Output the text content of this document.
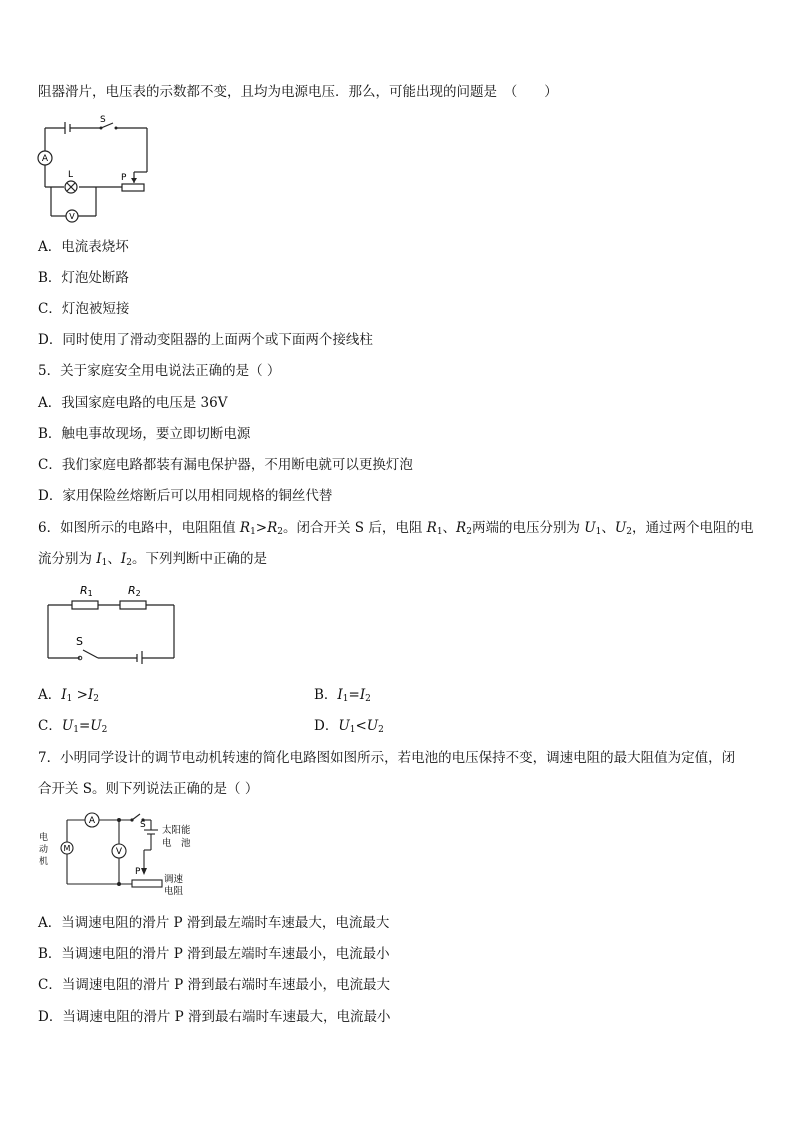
阻器滑片，电压表的示数都不变，且均为电源电压．那么，可能出现的问题是　（　　）
S
A
L	P
V
A．电流表烧坏
B．灯泡处断路
C．灯泡被短接
D．同时使用了滑动变阻器的上面两个或下面两个接线柱
5．关于家庭安全用电说法正确的是（ ）
A．我国家庭电路的电压是 36V
B．触电事故现场，要立即切断电源
C．我们家庭电路都装有漏电保护器，不用断电就可以更换灯泡
D．家用保险丝熔断后可以用相同规格的铜丝代替
6．如图所示的电路中，电阻阻值 $R_1>R_2$。闭合开关 S 后，电阻 $R_1$、$R_2$两端的电压分别为 $U_1$、$U_2$，通过两个电阻的电
流分别为 $I_1$、$I_2$。下列判断中正确的是
R1	R2
S
A．$I_1 >I_2$	B．$I_1=I_2$
C．$U_1=U_2$	D．$U_1<U_2$
7．小明同学设计的调节电动机转速的简化电路图如图所示，若电池的电压保持不变，调速电阻的最大阻值为定值，闭
合开关 S。则下列说法正确的是（ ）
A	S
M	V
P
电
动
机
太阳能
电　池
调速
电阻
A．当调速电阻的滑片 P 滑到最左端时车速最大，电流最大
B．当调速电阻的滑片 P 滑到最左端时车速最小，电流最小
C．当调速电阻的滑片 P 滑到最右端时车速最小，电流最大
D．当调速电阻的滑片 P 滑到最右端时车速最大，电流最小
